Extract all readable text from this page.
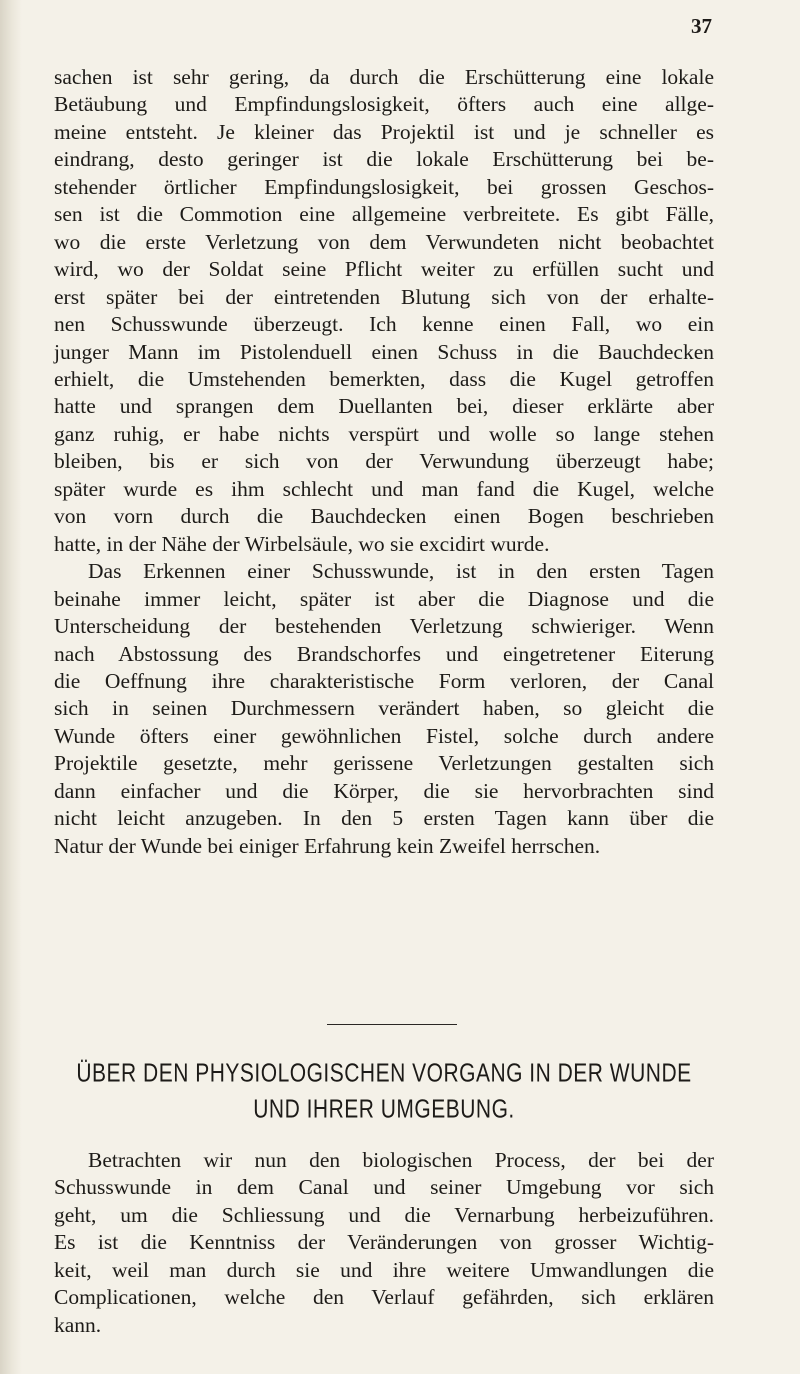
37
sachen ist sehr gering, da durch die Erschütterung eine lokale
Betäubung und Empfindungslosigkeit, öfters auch eine allge-
meine entsteht. Je kleiner das Projektil ist und je schneller es
eindrang, desto geringer ist die lokale Erschütterung bei be-
stehender örtlicher Empfindungslosigkeit, bei grossen Geschos-
sen ist die Commotion eine allgemeine verbreitete. Es gibt Fälle,
wo die erste Verletzung von dem Verwundeten nicht beobachtet
wird, wo der Soldat seine Pflicht weiter zu erfüllen sucht und
erst später bei der eintretenden Blutung sich von der erhalte-
nen Schusswunde überzeugt. Ich kenne einen Fall, wo ein
junger Mann im Pistolenduell einen Schuss in die Bauchdecken
erhielt, die Umstehenden bemerkten, dass die Kugel getroffen
hatte und sprangen dem Duellanten bei, dieser erklärte aber
ganz ruhig, er habe nichts verspürt und wolle so lange stehen
bleiben, bis er sich von der Verwundung überzeugt habe;
später wurde es ihm schlecht und man fand die Kugel, welche
von vorn durch die Bauchdecken einen Bogen beschrieben
hatte, in der Nähe der Wirbelsäule, wo sie excidirt wurde.
Das Erkennen einer Schusswunde, ist in den ersten Tagen
beinahe immer leicht, später ist aber die Diagnose und die
Unterscheidung der bestehenden Verletzung schwieriger. Wenn
nach Abstossung des Brandschorfes und eingetretener Eiterung
die Oeffnung ihre charakteristische Form verloren, der Canal
sich in seinen Durchmessern verändert haben, so gleicht die
Wunde öfters einer gewöhnlichen Fistel, solche durch andere
Projektile gesetzte, mehr gerissene Verletzungen gestalten sich
dann einfacher und die Körper, die sie hervorbrachten sind
nicht leicht anzugeben. In den 5 ersten Tagen kann über die
Natur der Wunde bei einiger Erfahrung kein Zweifel herrschen.
ÜBER DEN PHYSIOLOGISCHEN VORGANG IN DER WUNDE
UND IHRER UMGEBUNG.
Betrachten wir nun den biologischen Process, der bei der
Schusswunde in dem Canal und seiner Umgebung vor sich
geht, um die Schliessung und die Vernarbung herbeizuführen.
Es ist die Kenntniss der Veränderungen von grosser Wichtig-
keit, weil man durch sie und ihre weitere Umwandlungen die
Complicationen, welche den Verlauf gefährden, sich erklären
kann.
